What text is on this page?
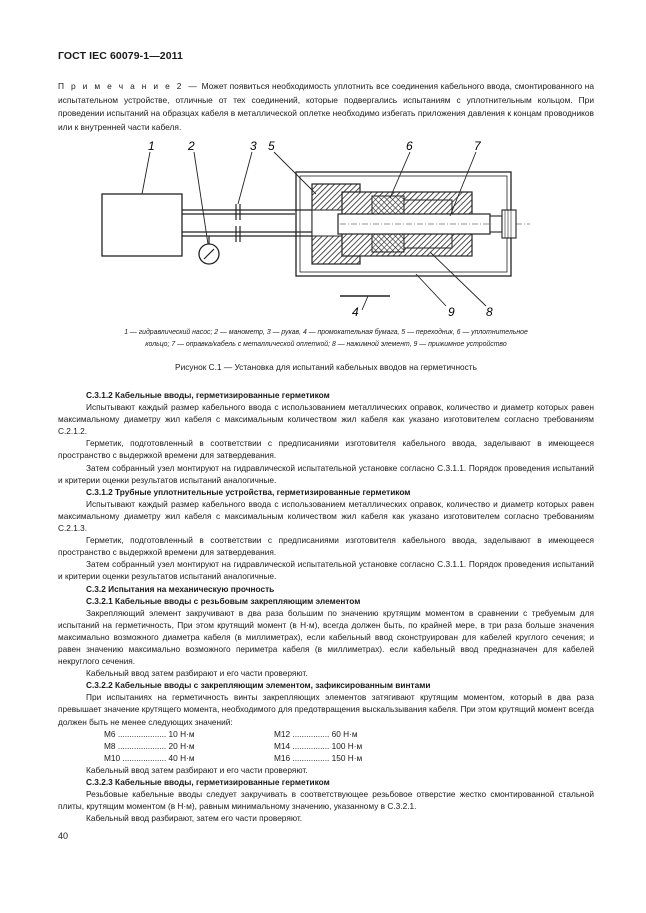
ГОСТ IEC 60079-1—2011
П р и м е ч а н и е 2 — Может появиться необходимость уплотнить все соединения кабельного ввода, смонтированного на испытательном устройстве, отличные от тех соединений, которые подвергались испытаниям с уплотнительным кольцом. При проведении испытаний на образцах кабеля в металлической оплетке необходимо избегать приложения давления к концам проводников или к внутренней части кабеля.
1	2	3 5	6	7
4	9	8
1 — гидравлический насос; 2 — манометр, 3 — рукав, 4 — промокательная бумага, 5 — переходник, 6 — уплотнительное
кольцо; 7 — оправка/кабель с металлической оплеткой; 8 — нажимной элемент, 9 — прижимное устройство
Рисунок С.1 — Установка для испытаний кабельных вводов на герметичность
С.3.1.2 Кабельные вводы, герметизированные герметиком

Испытывают каждый размер кабельного ввода с использованием металлических оправок, количество и диаметр которых равен максимальному диаметру жил кабеля с максимальным количеством жил кабеля как указано изготовителем согласно требованиям С.2.1.2.

Герметик, подготовленный в соответствии с предписаниями изготовителя кабельного ввода, заделывают в имеющееся пространство с выдержкой времени для затвердевания.

Затем собранный узел монтируют на гидравлической испытательной установке согласно С.3.1.1. Порядок проведения испытаний и критерии оценки результатов испытаний аналогичные.

С.3.1.2 Трубные уплотнительные устройства, герметизированные герметиком

Испытывают каждый размер кабельного ввода с использованием металлических оправок, количество и диаметр которых равен максимальному диаметру жил кабеля с максимальным количеством жил кабеля как указано изготовителем согласно требованиям С.2.1.3.

Герметик, подготовленный в соответствии с предписаниями изготовителя кабельного ввода, заделывают в имеющееся пространство с выдержкой времени для затвердевания.

Затем собранный узел монтируют на гидравлической испытательной установке согласно С.3.1.1. Порядок проведения испытаний и критерии оценки результатов испытаний аналогичные.

С.3.2 Испытания на механическую прочность
С.3.2.1 Кабельные вводы с резьбовым закрепляющим элементом

Закрепляющий элемент закручивают в два раза большим по значению крутящим моментом в сравнении с требуемым для испытаний на герметичность, При этом крутящий момент (в Н·м), всегда должен быть, по крайней мере, в три раза больше значения максимально возможного диаметра кабеля (в миллиметрах), если кабельный ввод сконструирован для кабелей круглого сечения; и равен значению максимально возможного периметра кабеля (в миллиметрах). если кабельный ввод предназначен для кабелей некруглого сечения.

Кабельный ввод затем разбирают и его части проверяют.

С.3.2.2 Кабельные вводы с закрепляющим элементом, зафиксированным винтами

При испытаниях на герметичность винты закрепляющих элементов затягивают крутящим моментом, который в два раза превышает значение крутящего момента, необходимого для предотвращения выскальзывания кабеля. При этом крутящий момент всегда должен быть не менее следующих значений:

M6 ..................... 10 Н·м	M12 ................ 60 Н·м
M8 ..................... 20 Н·м	M14 ................ 100 Н·м
M10 ................... 40 Н·м	M16 ................ 150 Н·м

Кабельный ввод затем разбирают и его части проверяют.

С.3.2.3 Кабельные вводы, герметизированные герметиком

Резьбовые кабельные вводы следует закручивать в соответствующее резьбовое отверстие жестко смонтированной стальной плиты, крутящим моментом (в Н·м), равным минимальному значению, указанному в С.3.2.1.

Кабельный ввод разбирают, затем его части проверяют.

40
